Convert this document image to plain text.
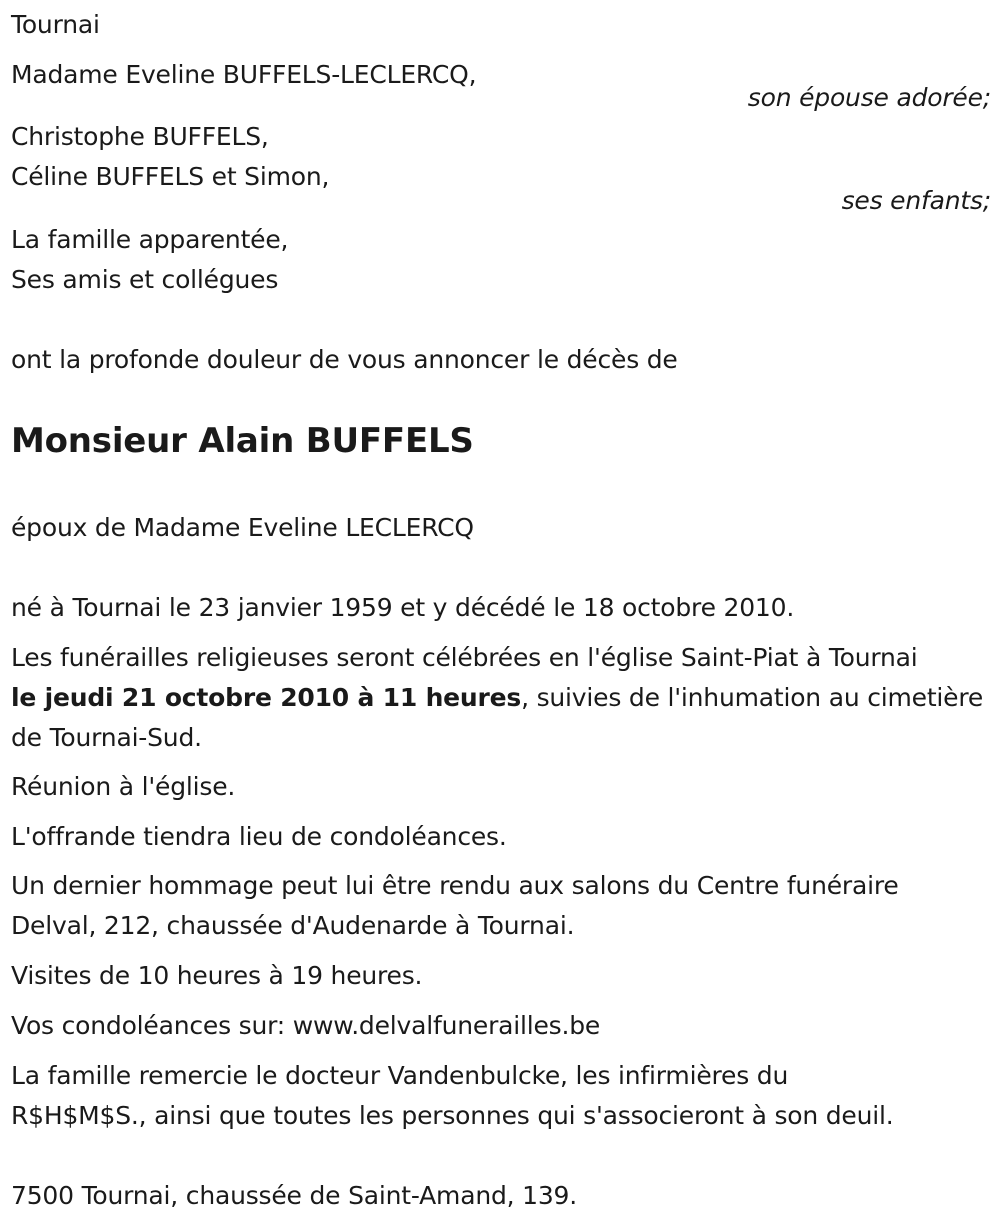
Tournai
Madame Eveline BUFFELS-LECLERCQ,
son épouse adorée;
Christophe BUFFELS,
Céline BUFFELS et Simon,
ses enfants;
La famille apparentée,
Ses amis et collégues
ont la profonde douleur de vous annoncer le décès de
Monsieur Alain BUFFELS
époux de Madame Eveline LECLERCQ
né à Tournai le 23 janvier 1959 et y décédé le 18 octobre 2010.
Les funérailles religieuses seront célébrées en l'église Saint-Piat à Tournai
le jeudi 21 octobre 2010 à 11 heures, suivies de l'inhumation au cimetière
de Tournai-Sud.
Réunion à l'église.
L'offrande tiendra lieu de condoléances.
Un dernier hommage peut lui être rendu aux salons du Centre funéraire
Delval, 212, chaussée d'Audenarde à Tournai.
Visites de 10 heures à 19 heures.
Vos condoléances sur: www.delvalfunerailles.be
La famille remercie le docteur Vandenbulcke, les infirmières du
R$H$M$S., ainsi que toutes les personnes qui s'associeront à son deuil.
7500 Tournai, chaussée de Saint-Amand, 139.
